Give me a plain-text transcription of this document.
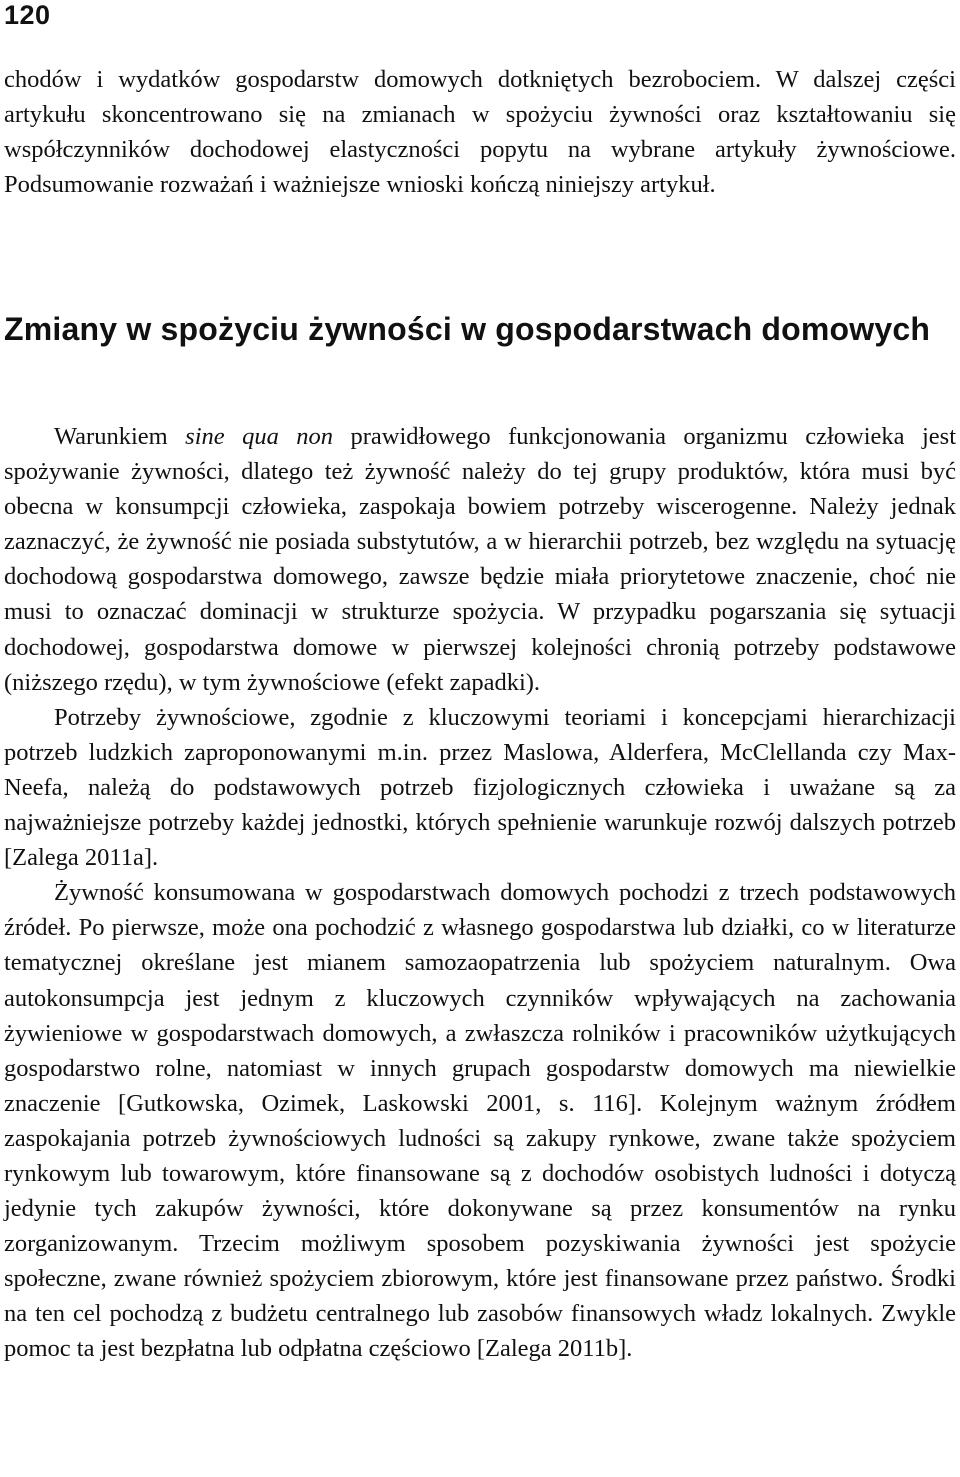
120

chodów i wydatków gospodarstw domowych dotkniętych bezrobociem. W dalszej części artykułu skoncentrowano się na zmianach w spożyciu żywności oraz kształtowaniu się współczynników dochodowej elastyczności popytu na wybrane artykuły żywnościowe. Podsumowanie rozważań i ważniejsze wnioski kończą niniejszy artykuł.

Zmiany w spożyciu żywności w gospodarstwach domowych

Warunkiem sine qua non prawidłowego funkcjonowania organizmu człowieka jest spożywanie żywności, dlatego też żywność należy do tej grupy produktów, która musi być obecna w konsumpcji człowieka, zaspokaja bowiem potrzeby wiscerogenne. Należy jednak zaznaczyć, że żywność nie posiada substytutów, a w hierarchii potrzeb, bez względu na sytuację dochodową gospodarstwa domowego, zawsze będzie miała priorytetowe znaczenie, choć nie musi to oznaczać dominacji w strukturze spożycia. W przypadku pogarszania się sytuacji dochodowej, gospodarstwa domowe w pierwszej kolejności chronią potrzeby podstawowe (niższego rzędu), w tym żywnościowe (efekt zapadki).

Potrzeby żywnościowe, zgodnie z kluczowymi teoriami i koncepcjami hierarchizacji potrzeb ludzkich zaproponowanymi m.in. przez Maslowa, Alderfera, McClellanda czy Max-Neefa, należą do podstawowych potrzeb fizjologicznych człowieka i uważane są za najważniejsze potrzeby każdej jednostki, których spełnienie warunkuje rozwój dalszych potrzeb [Zalega 2011a].

Żywność konsumowana w gospodarstwach domowych pochodzi z trzech podstawowych źródeł. Po pierwsze, może ona pochodzić z własnego gospodarstwa lub działki, co w literaturze tematycznej określane jest mianem samozaopatrzenia lub spożyciem naturalnym. Owa autokonsumpcja jest jednym z kluczowych czynników wpływających na zachowania żywieniowe w gospodarstwach domowych, a zwłaszcza rolników i pracowników użytkujących gospodarstwo rolne, natomiast w innych grupach gospodarstw domowych ma niewielkie znaczenie [Gutkowska, Ozimek, Laskowski 2001, s. 116]. Kolejnym ważnym źródłem zaspokajania potrzeb żywnościowych ludności są zakupy rynkowe, zwane także spożyciem rynkowym lub towarowym, które finansowane są z dochodów osobistych ludności i dotyczą jedynie tych zakupów żywności, które dokonywane są przez konsumentów na rynku zorganizowanym. Trzecim możliwym sposobem pozyskiwania żywności jest spożycie społeczne, zwane również spożyciem zbiorowym, które jest finansowane przez państwo. Środki na ten cel pochodzą z budżetu centralnego lub zasobów finansowych władz lokalnych. Zwykle pomoc ta jest bezpłatna lub odpłatna częściowo [Zalega 2011b].
